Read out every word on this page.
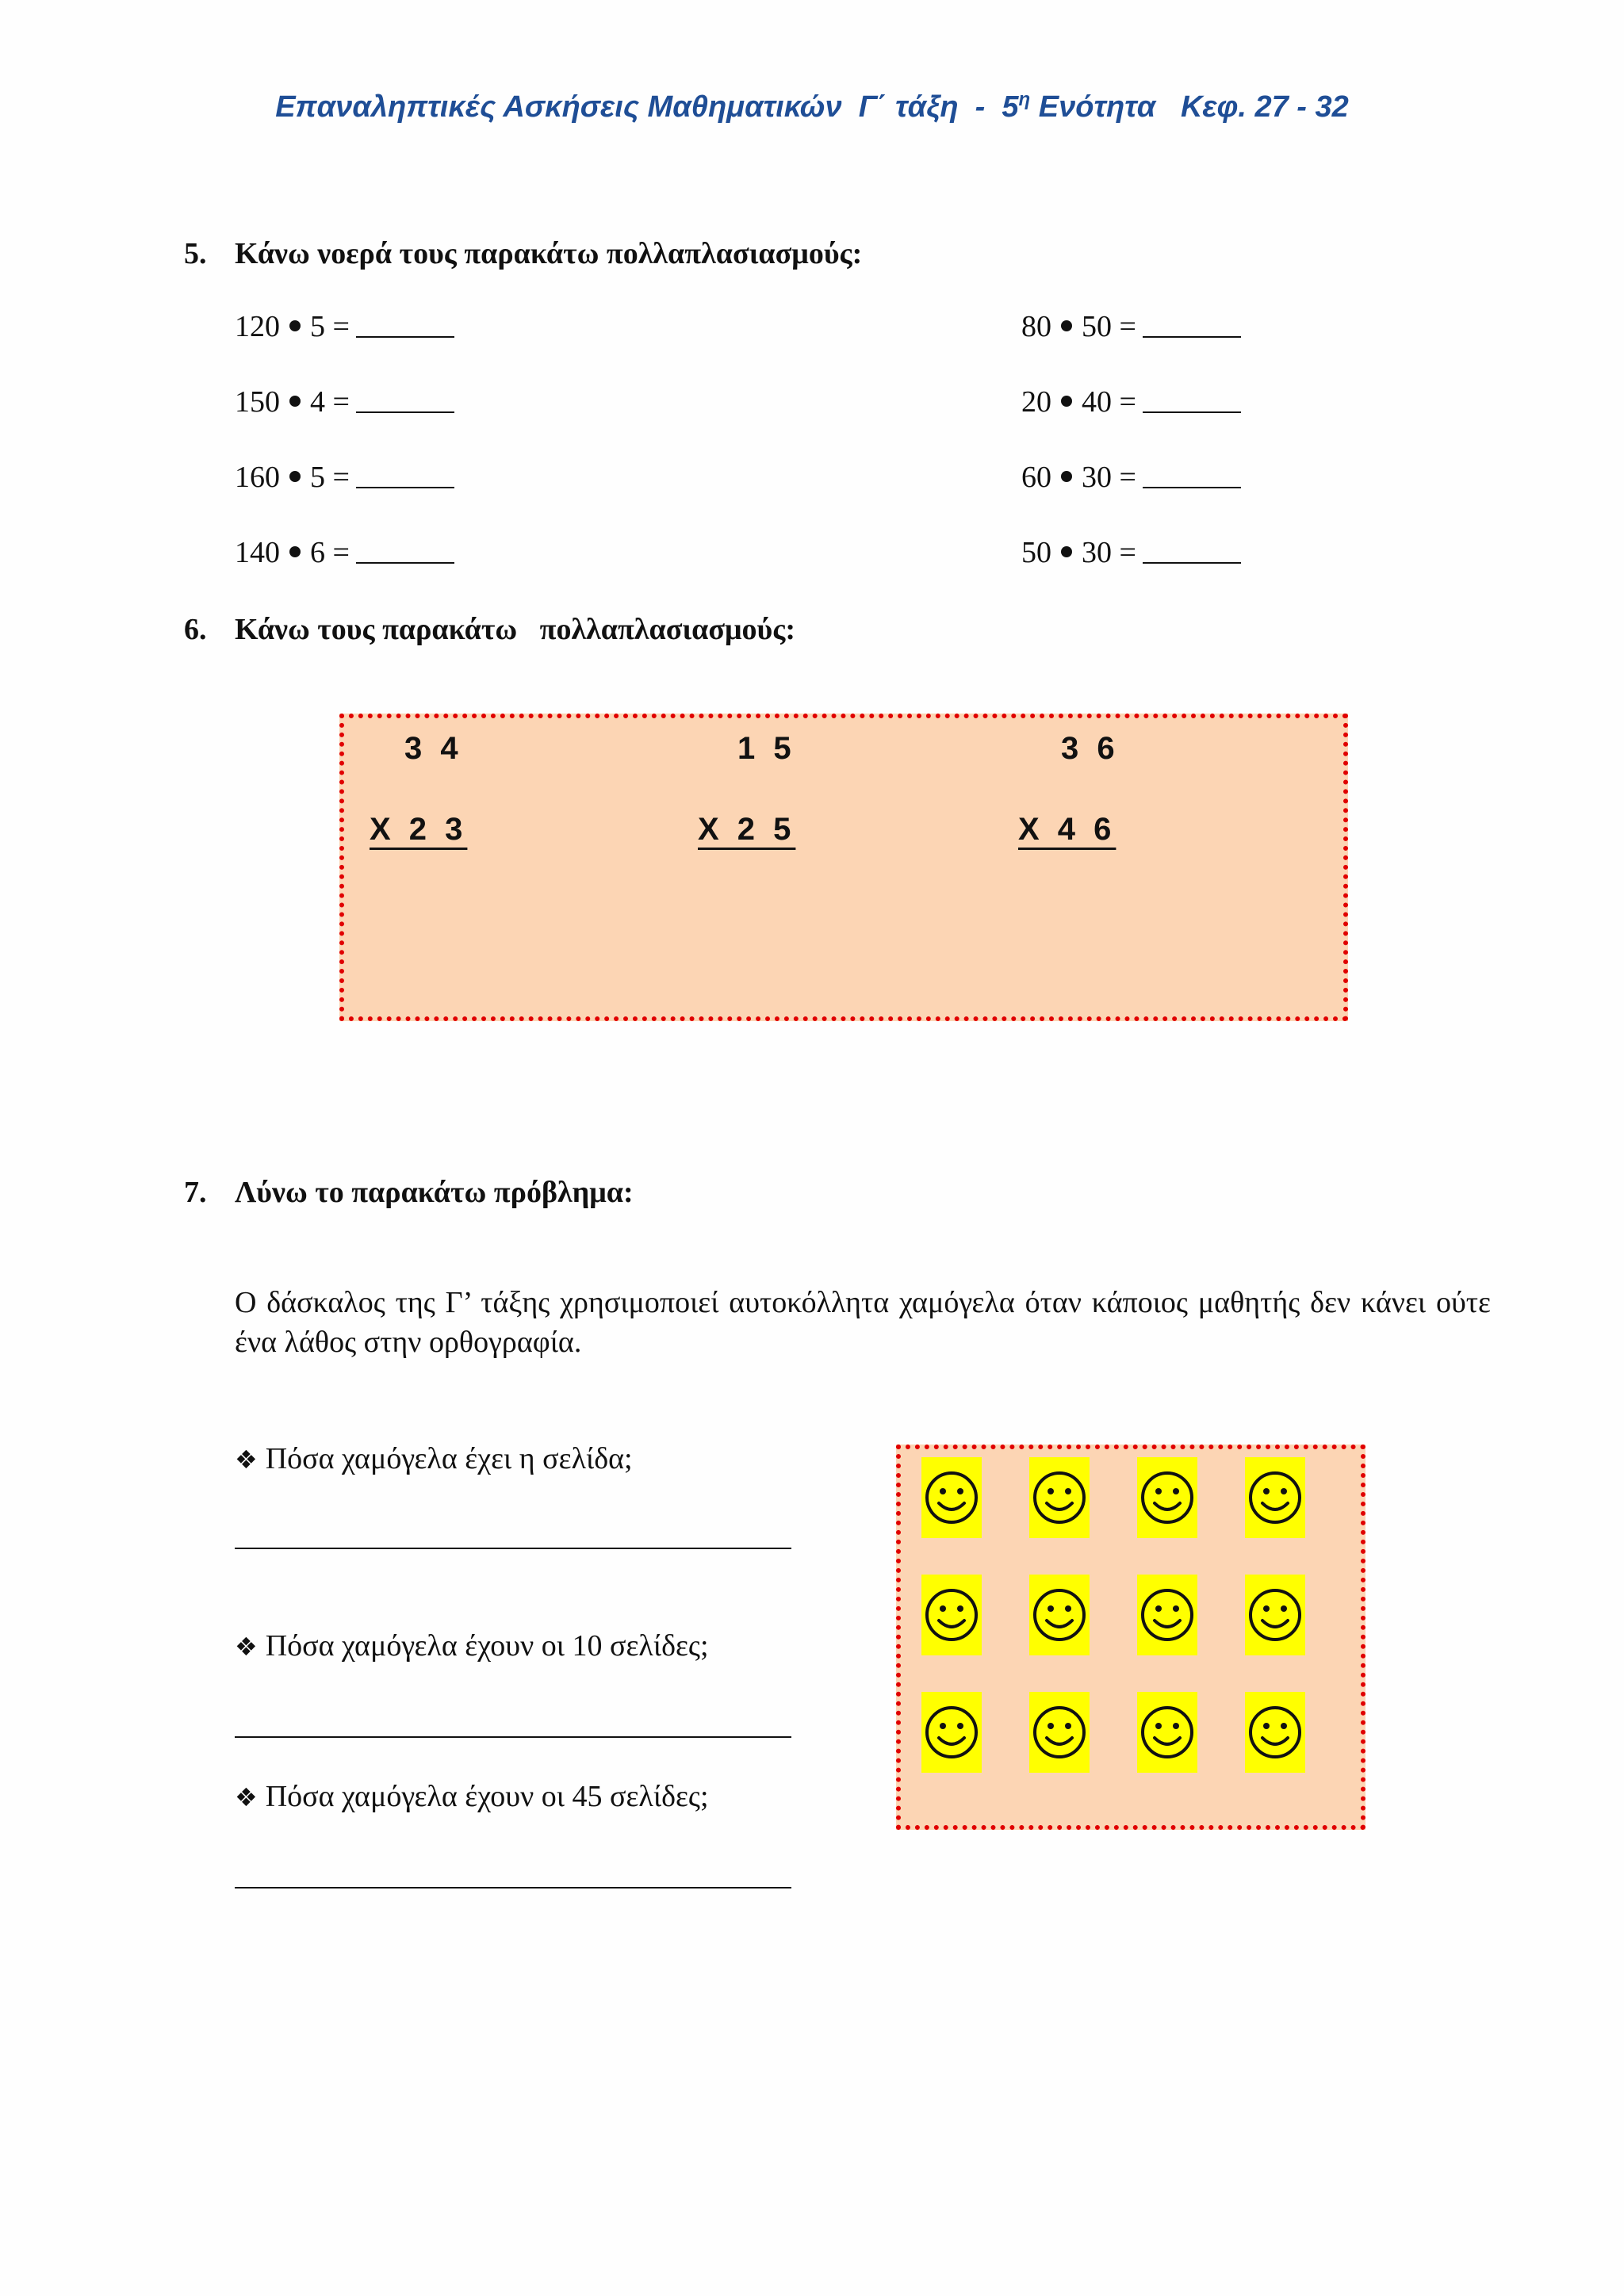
Επαναληπτικές Ασκήσεις Μαθηματικών  Γ΄ τάξη  -  $5^\eta$ Ενότητα   Κεφ. 27 - 32
5. Κάνω νοερά τους παρακάτω πολλαπλασιασμούς:
120 5 =
150 4 =
160 5 =
140 6 =
80 50 =
20 40 =
60 30 =
50 30 =
6. Κάνω τους παρακάτω   πολλαπλασιασμούς:
3 4
X 2 3
1 5
X 2 5
3 6
X 4 6
7. Λύνω το παρακάτω πρόβλημα:
Ο δάσκαλος της Γ’ τάξης χρησιμοποιεί αυτοκόλλητα χαμόγελα όταν κάποιος μαθητής δεν κάνει ούτε ένα λάθος στην ορθογραφία.
❖ Πόσα χαμόγελα έχει η σελίδα;
❖ Πόσα χαμόγελα έχουν οι 10 σελίδες;
❖ Πόσα χαμόγελα έχουν οι 45 σελίδες;
